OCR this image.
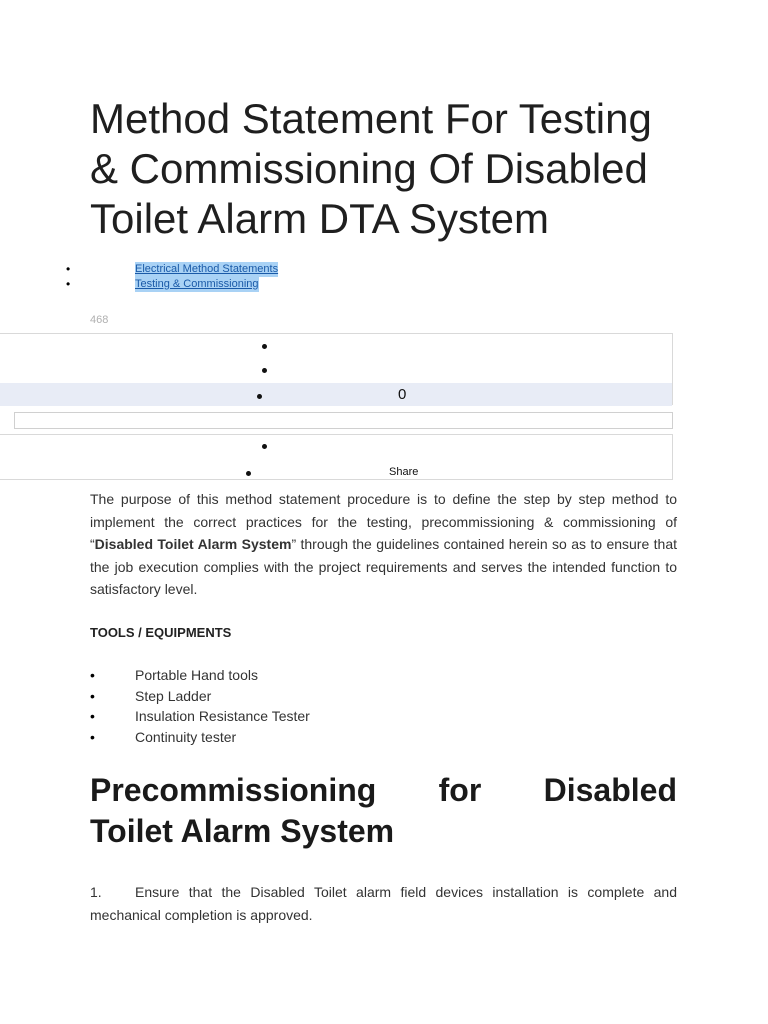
Method Statement For Testing & Commissioning Of Disabled Toilet Alarm DTA System
•	Electrical Method Statements
•	Testing & Commissioning
468
0
Share

The purpose of this method statement procedure is to define the step by step method to implement the correct practices for the testing, precommissioning & commissioning of “Disabled Toilet Alarm System” through the guidelines contained herein so as to ensure that the job execution complies with the project requirements and serves the intended function to satisfactory level.

TOOLS / EQUIPMENTS
•	Portable Hand tools
•	Step Ladder
•	Insulation Resistance Tester
•	Continuity tester
Precommissioning for Disabled
Toilet Alarm System
1.	Ensure that the Disabled Toilet alarm field devices installation is complete and mechanical completion is approved.
